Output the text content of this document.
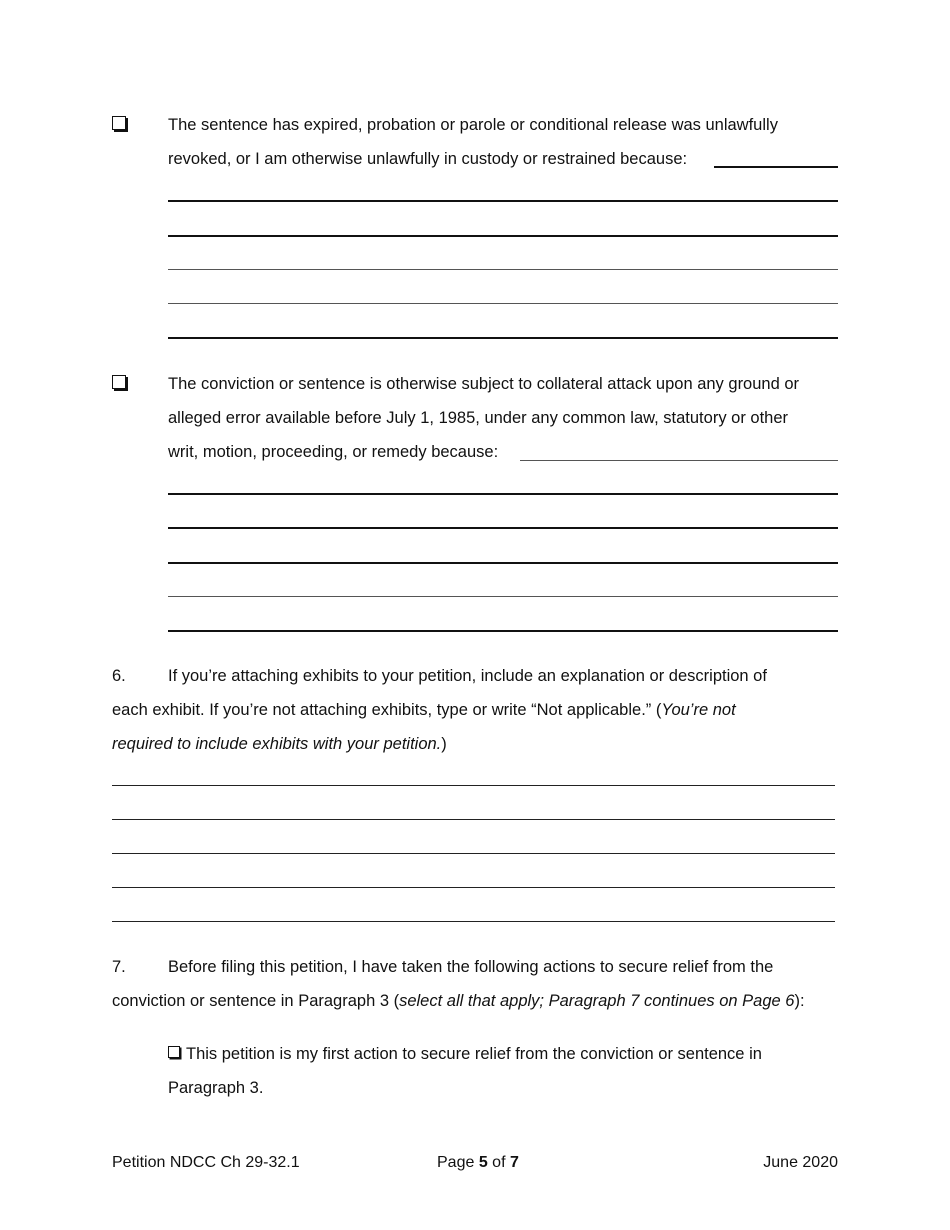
The sentence has expired, probation or parole or conditional release was unlawfully
revoked, or I am otherwise unlawfully in custody or restrained because:
The conviction or sentence is otherwise subject to collateral attack upon any ground or
alleged error available before July 1, 1985, under any common law, statutory or other
writ, motion, proceeding, or remedy because:
6.	If you’re attaching exhibits to your petition, include an explanation or description of
each exhibit. If you’re not attaching exhibits, type or write “Not applicable.” (You’re not
required to include exhibits with your petition.)
7.	Before filing this petition, I have taken the following actions to secure relief from the
conviction or sentence in Paragraph 3 (select all that apply; Paragraph 7 continues on Page 6):
This petition is my first action to secure relief from the conviction or sentence in
Paragraph 3.
Petition NDCC Ch 29-32.1	Page 5 of 7	June 2020
